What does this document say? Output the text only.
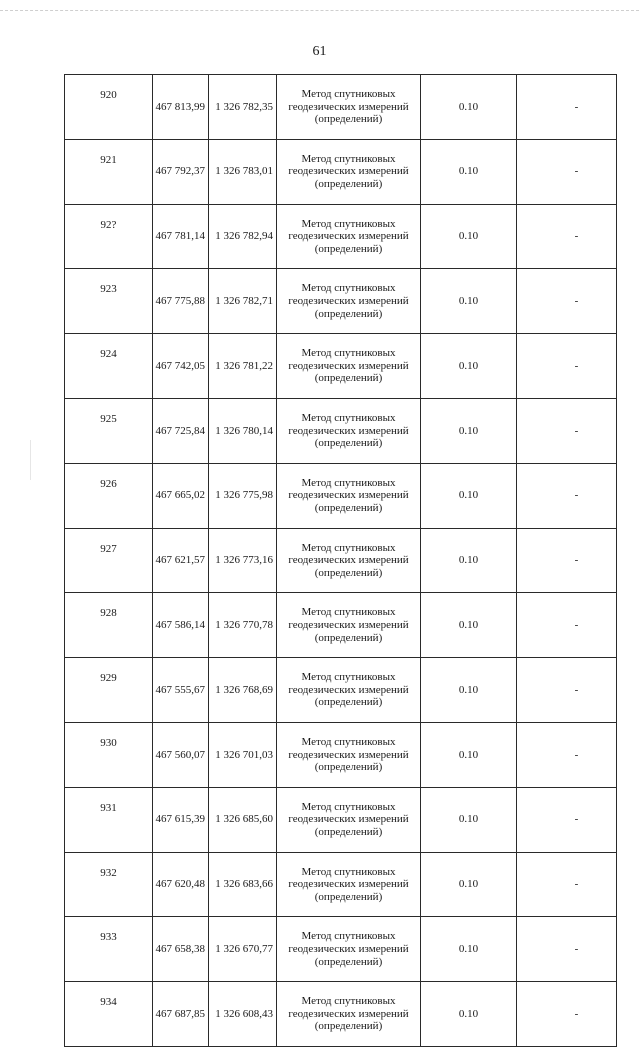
61
920	467 813,99	1 326 782,35	Метод спутниковых
геодезических измерений
(определений)	0.10	-
921	467 792,37	1 326 783,01	Метод спутниковых
геодезических измерений
(определений)	0.10	-
92?	467 781,14	1 326 782,94	Метод спутниковых
геодезических измерений
(определений)	0.10	-
923	467 775,88	1 326 782,71	Метод спутниковых
геодезических измерений
(определений)	0.10	-
924	467 742,05	1 326 781,22	Метод спутниковых
геодезических измерений
(определений)	0.10	-
925	467 725,84	1 326 780,14	Метод спутниковых
геодезических измерений
(определений)	0.10	-
926	467 665,02	1 326 775,98	Метод спутниковых
геодезических измерений
(определений)	0.10	-
927	467 621,57	1 326 773,16	Метод спутниковых
геодезических измерений
(определений)	0.10	-
928	467 586,14	1 326 770,78	Метод спутниковых
геодезических измерений
(определений)	0.10	-
929	467 555,67	1 326 768,69	Метод спутниковых
геодезических измерений
(определений)	0.10	-
930	467 560,07	1 326 701,03	Метод спутниковых
геодезических измерений
(определений)	0.10	-
931	467 615,39	1 326 685,60	Метод спутниковых
геодезических измерений
(определений)	0.10	-
932	467 620,48	1 326 683,66	Метод спутниковых
геодезических измерений
(определений)	0.10	-
933	467 658,38	1 326 670,77	Метод спутниковых
геодезических измерений
(определений)	0.10	-
934	467 687,85	1 326 608,43	Метод спутниковых
геодезических измерений
(определений)	0.10	-
